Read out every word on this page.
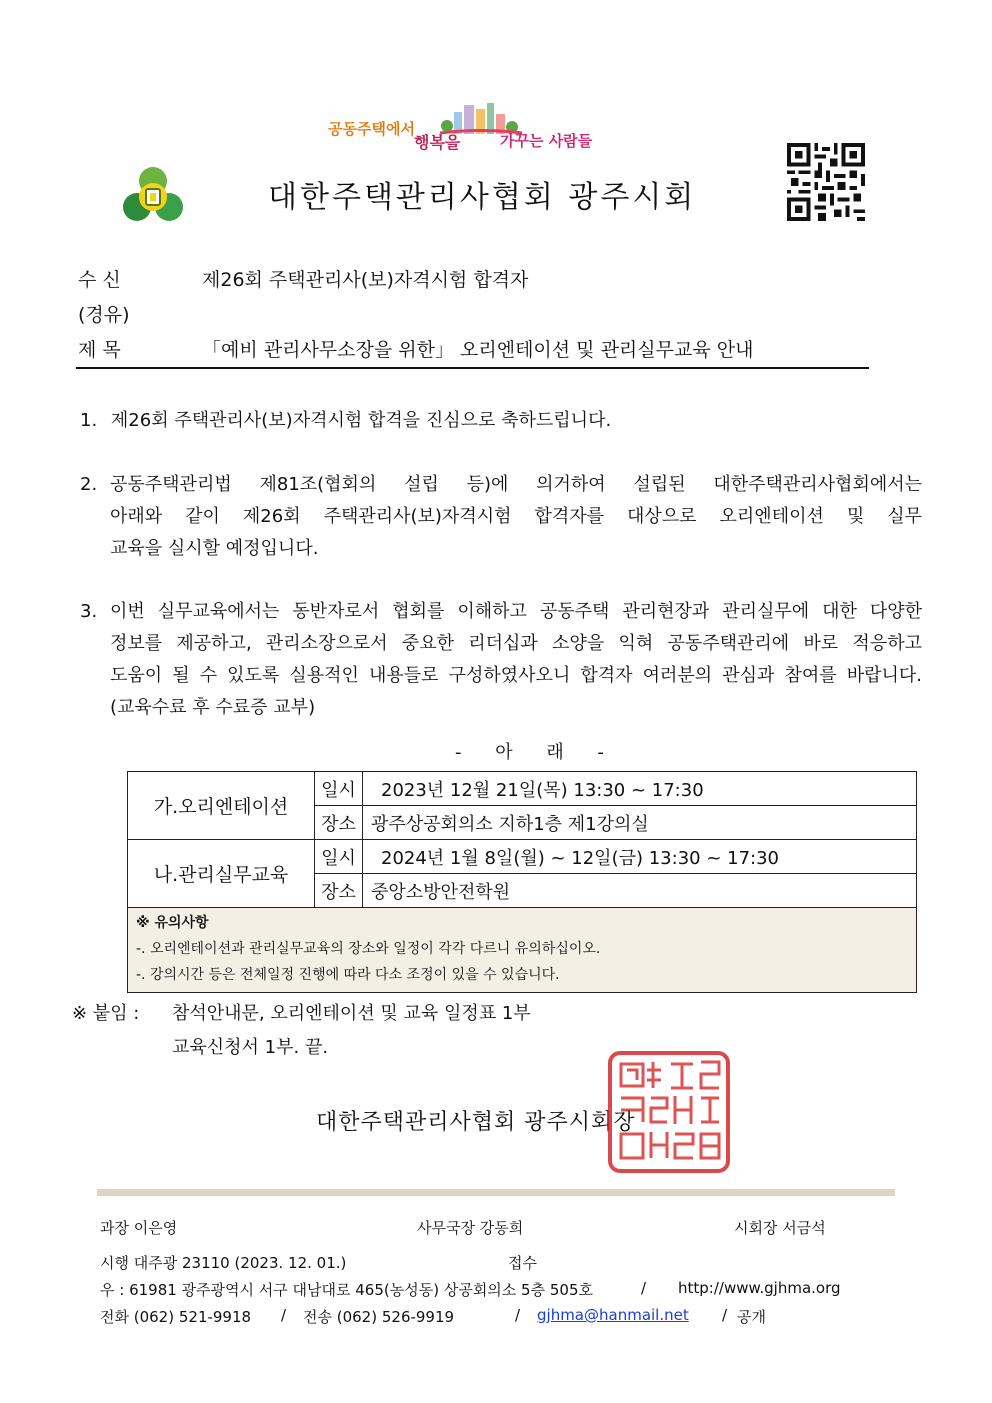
공동주택에서
행복을	가꾸는 사람들
대한주택관리사협회 광주시회
수 신	제26회 주택관리사(보)자격시험 합격자
(경유)
제 목	「예비 관리사무소장을 위한」 오리엔테이션 및 관리실무교육 안내
1. 제26회 주택관리사(보)자격시험 합격을 진심으로 축하드립니다.
2. 공동주택관리법 제81조(협회의 설립 등)에 의거하여 설립된 대한주택관리사협회에서는
아래와 같이 제26회 주택관리사(보)자격시험 합격자를 대상으로 오리엔테이션 및 실무
교육을 실시할 예정입니다.
3. 이번 실무교육에서는 동반자로서 협회를 이해하고 공동주택 관리현장과 관리실무에 대한 다양한
정보를 제공하고, 관리소장으로서 중요한 리더십과 소양을 익혀 공동주택관리에 바로 적응하고
도움이 될 수 있도록 실용적인 내용들로 구성하였사오니 합격자 여러분의 관심과 참여를 바랍니다.
(교육수료 후 수료증 교부)
- 아 래 -
가.오리엔테이션	일시	2023년 12월 21일(목) 13:30 ~ 17:30
	장소	광주상공회의소 지하1층 제1강의실
나.관리실무교육	일시	2024년 1월 8일(월) ~ 12일(금) 13:30 ~ 17:30
	장소	중앙소방안전학원

※ 유의사항
-. 오리엔테이션과 관리실무교육의 장소와 일정이 각각 다르니 유의하십이오.
-. 강의시간 등은 전체일정 진행에 따라 다소 조정이 있을 수 있습니다.		
※ 붙임 : 참석안내문, 오리엔테이션 및 교육 일정표 1부
교육신청서 1부. 끝.
대한주택관리사협회 광주시회장
과장 이은영	사무국장 강동희	시회장 서금석
시행 대주광 23110 (2023. 12. 01.)	접수
우 : 61981 광주광역시 서구 대남대로 465(농성동) 상공회의소 5층 505호	/ http://www.gjhma.org
전화 (062) 521-9918 / 전송 (062) 526-9919	/ gjhma@hanmail.net / 공개
